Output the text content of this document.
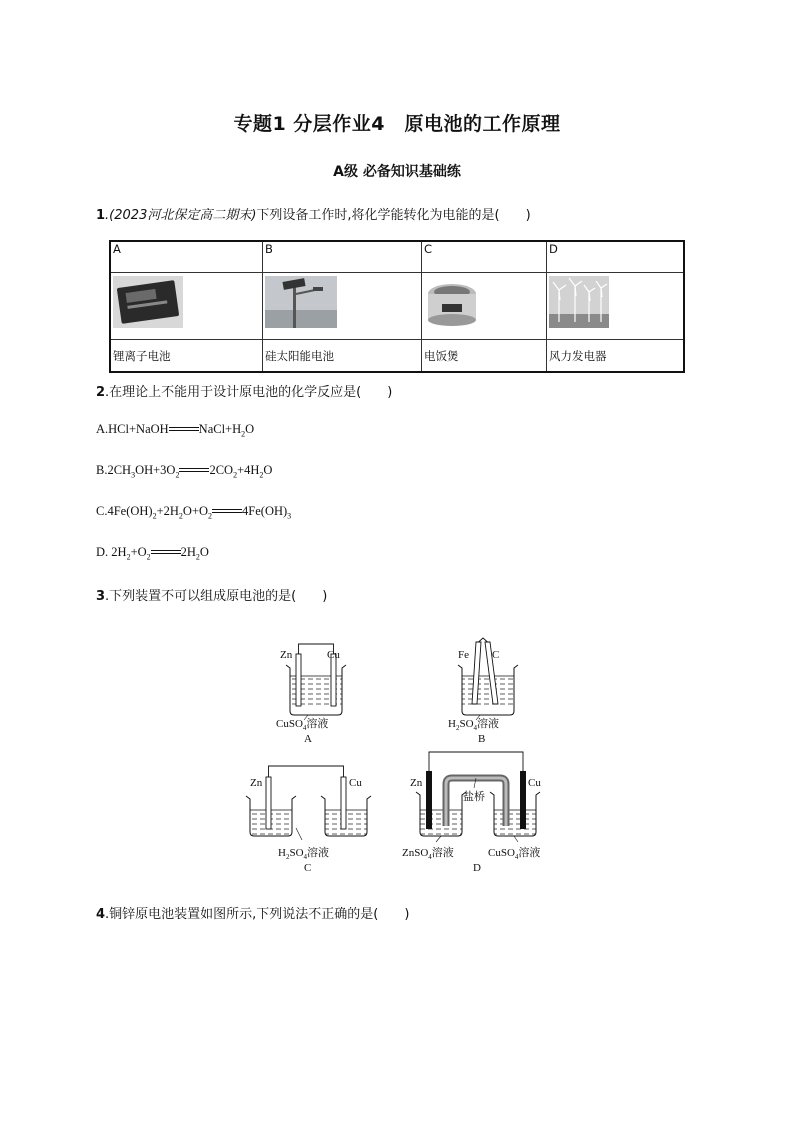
专题1 分层作业4　原电池的工作原理
A级 必备知识基础练
1.(2023河北保定高二期末)下列设备工作时,将化学能转化为电能的是(　　)
A	B	C	D

锂离子电池	硅太阳能电池	电饭煲	风力发电器
2.在理论上不能用于设计原电池的化学反应是(　　)
A.HCl+NaOH $NaCl+H_2O$
$B.2CH_3OH+3O_2$ $2CO_2+4H_2O$
$C.4Fe(OH)_2+2H_2O+O_2$ $4Fe(OH)_3$
D. $2H_2+O_2$ $2H_2O$
3.下列装置不可以组成原电池的是(　　)
Zn	Cu
CuSO$_4$溶液
A
Fe C
$H_2SO_4$溶液
B
Zn	Cu
$H_2SO_4$溶液
C
盐桥
Zn	Cu
ZnSO$_4$溶液	CuSO$_4$溶液
D
4.铜锌原电池装置如图所示,下列说法不正确的是(　　)
